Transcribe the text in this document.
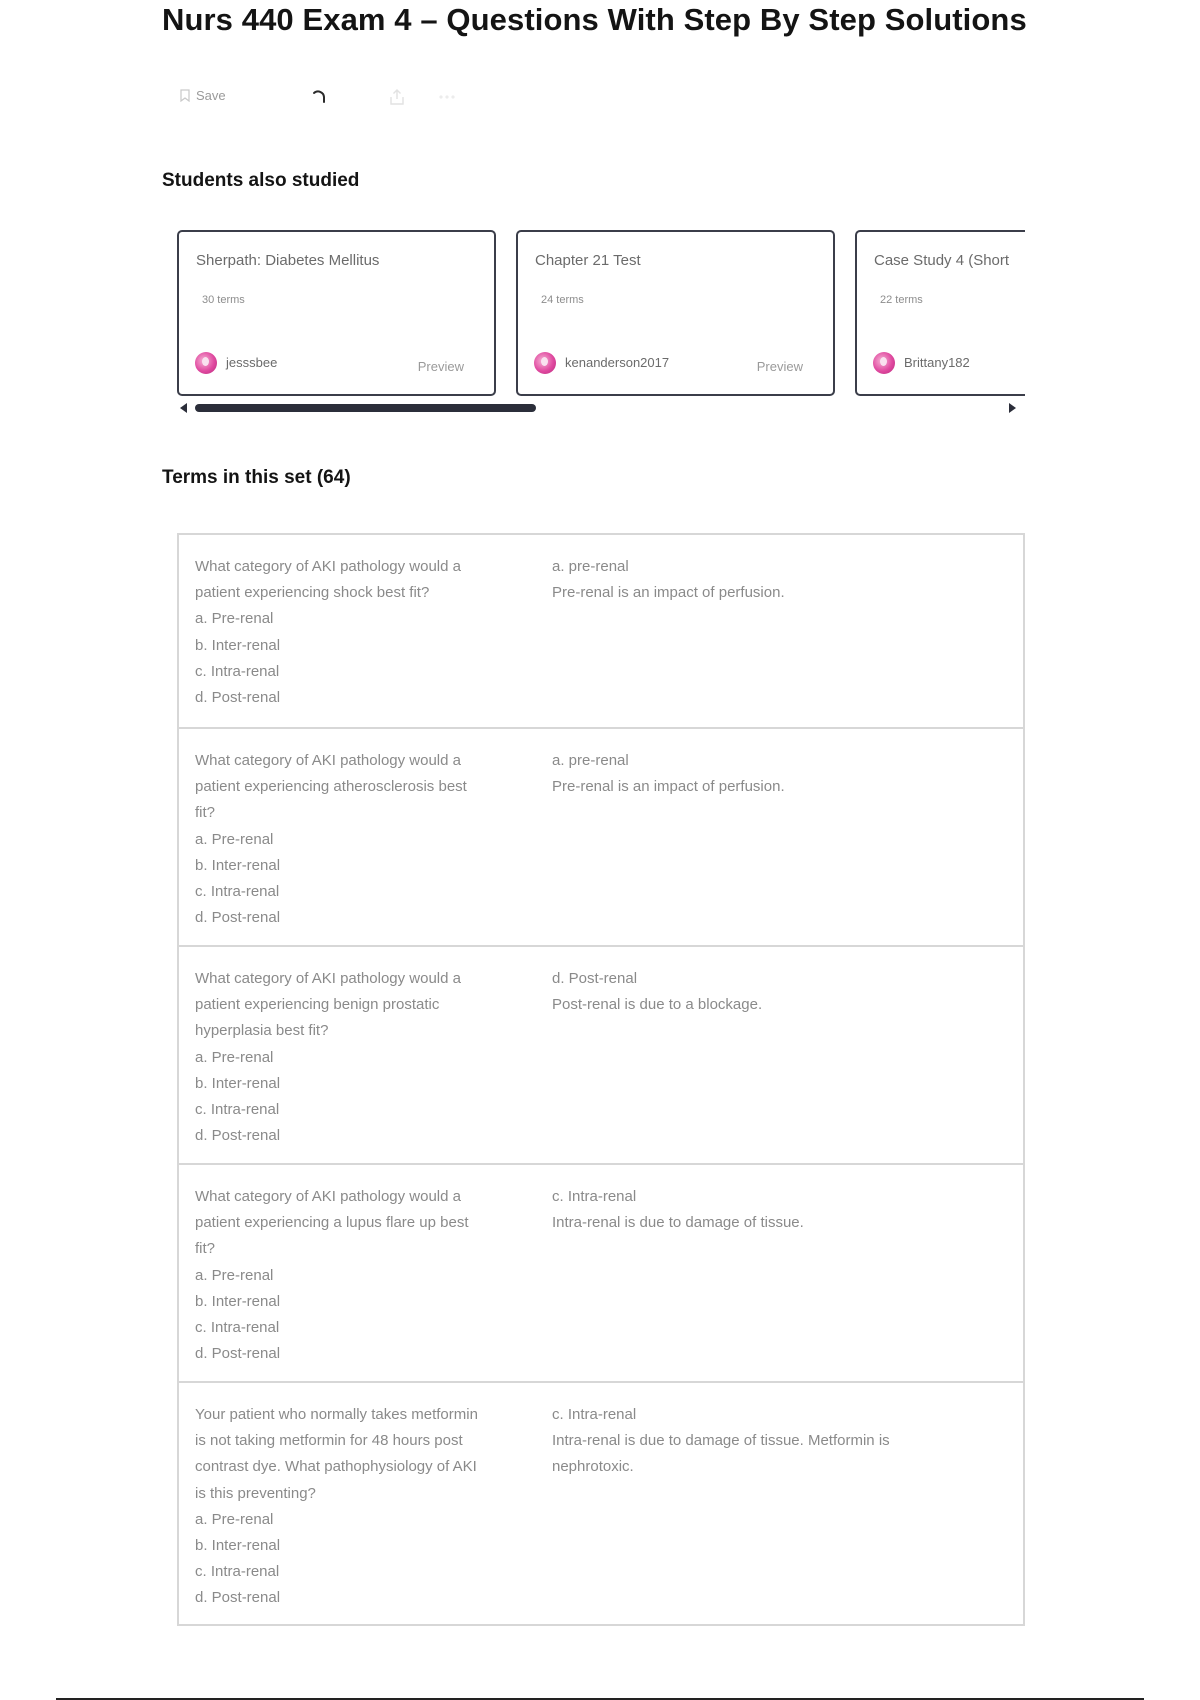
Nurs 440 Exam 4 – Questions With Step By Step Solutions
Save
Students also studied
Sherpath: Diabetes Mellitus
30 terms
jesssbee	Preview
Chapter 21 Test
24 terms
kenanderson2017	Preview
Case Study 4 (Short
22 terms
Brittany182
Terms in this set (64)
What category of AKI pathology would a
patient experiencing shock best fit?
a. Pre-renal
b. Inter-renal
c. Intra-renal
d. Post-renal
a. pre-renal
Pre-renal is an impact of perfusion.
What category of AKI pathology would a
patient experiencing atherosclerosis best
fit?
a. Pre-renal
b. Inter-renal
c. Intra-renal
d. Post-renal
a. pre-renal
Pre-renal is an impact of perfusion.
What category of AKI pathology would a
patient experiencing benign prostatic
hyperplasia best fit?
a. Pre-renal
b. Inter-renal
c. Intra-renal
d. Post-renal
d. Post-renal
Post-renal is due to a blockage.
What category of AKI pathology would a
patient experiencing a lupus flare up best
fit?
a. Pre-renal
b. Inter-renal
c. Intra-renal
d. Post-renal
c. Intra-renal
Intra-renal is due to damage of tissue.
Your patient who normally takes metformin
is not taking metformin for 48 hours post
contrast dye. What pathophysiology of AKI
is this preventing?
a. Pre-renal
b. Inter-renal
c. Intra-renal
d. Post-renal
c. Intra-renal
Intra-renal is due to damage of tissue. Metformin is
nephrotoxic.
